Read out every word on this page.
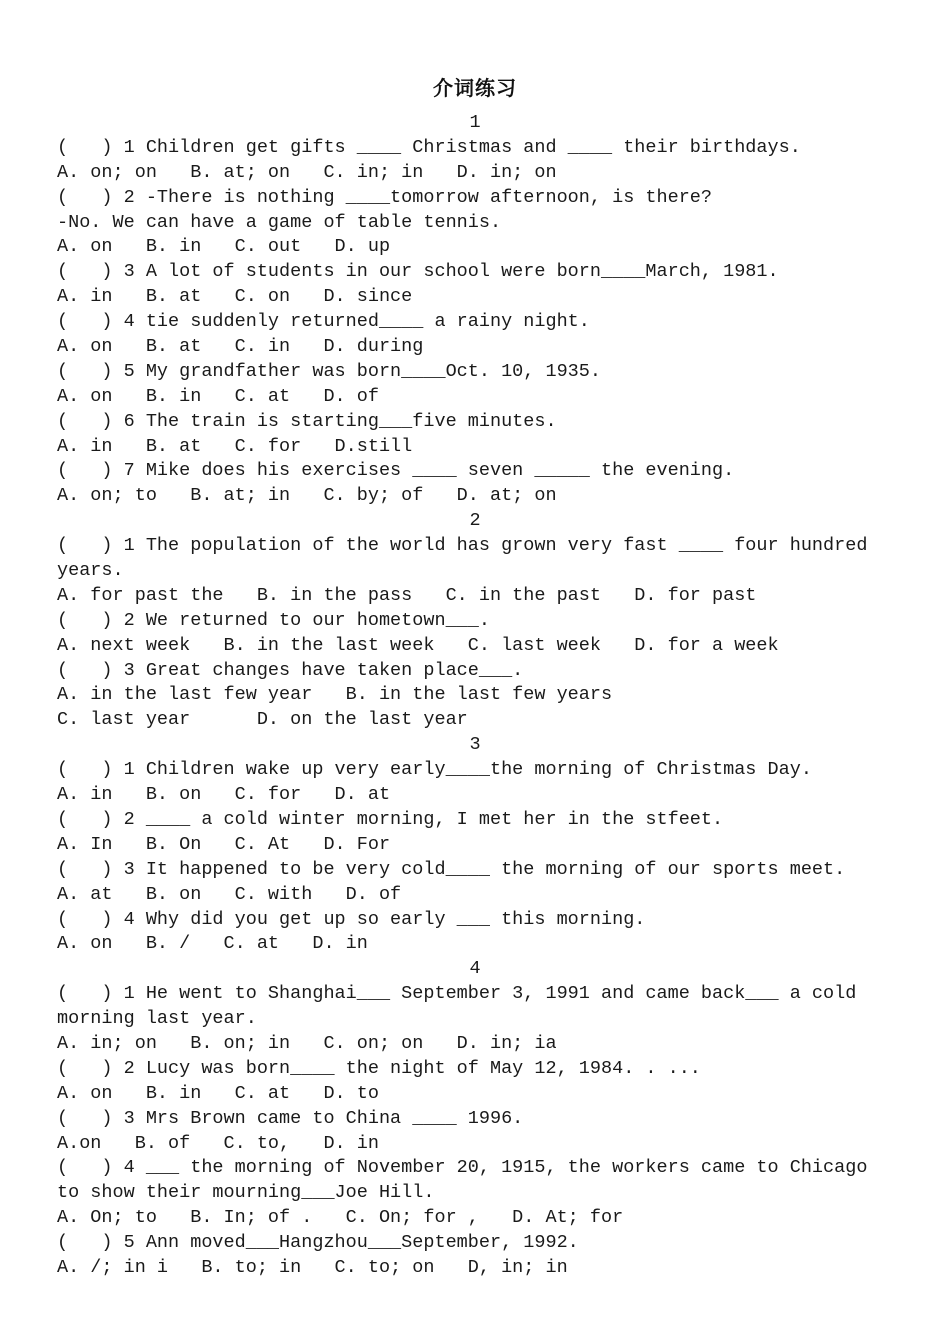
介词练习
1
(   ) 1 Children get gifts ____ Christmas and ____ their birthdays.
A. on; on   B. at; on   C. in; in   D. in; on
(   ) 2 -There is nothing ____tomorrow afternoon, is there?
-No. We can have a game of table tennis.
A. on   B. in   C. out   D. up
(   ) 3 A lot of students in our school were born____March, 1981.
A. in   B. at   C. on   D. since
(   ) 4 tie suddenly returned____ a rainy night.
A. on   B. at   C. in   D. during
(   ) 5 My grandfather was born____Oct. 10, 1935.
A. on   B. in   C. at   D. of
(   ) 6 The train is starting___five minutes.
A. in   B. at   C. for   D.still
(   ) 7 Mike does his exercises ____ seven _____ the evening.
A. on; to   B. at; in   C. by; of   D. at; on
2
(   ) 1 The population of the world has grown very fast ____ four hundred
years.
A. for past the   B. in the pass   C. in the past   D. for past
(   ) 2 We returned to our hometown___.
A. next week   B. in the last week   C. last week   D. for a week
(   ) 3 Great changes have taken place___.
A. in the last few year   B. in the last few years
C. last year      D. on the last year
3
(   ) 1 Children wake up very early____the morning of Christmas Day.
A. in   B. on   C. for   D. at
(   ) 2 ____ a cold winter morning, I met her in the stfeet.
A. In   B. On   C. At   D. For
(   ) 3 It happened to be very cold____ the morning of our sports meet.
A. at   B. on   C. with   D. of
(   ) 4 Why did you get up so early ___ this morning.
A. on   B. /   C. at   D. in
4
(   ) 1 He went to Shanghai___ September 3, 1991 and came back___ a cold
morning last year.
A. in; on   B. on; in   C. on; on   D. in; ia
(   ) 2 Lucy was born____ the night of May 12, 1984. . ...
A. on   B. in   C. at   D. to
(   ) 3 Mrs Brown came to China ____ 1996.
A.on   B. of   C. to,   D. in
(   ) 4 ___ the morning of November 20, 1915, the workers came to Chicago
to show their mourning___Joe Hill.
A. On; to   B. In; of .   C. On; for ,   D. At; for
(   ) 5 Ann moved___Hangzhou___September, 1992.
A. /; in i   B. to; in   C. to; on   D, in; in
